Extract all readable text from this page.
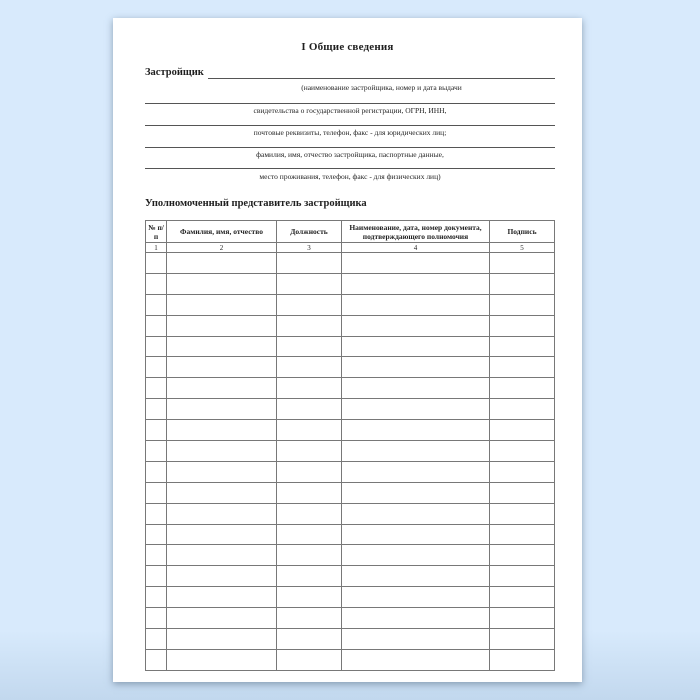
I Общие сведения
Застройщик
(наименование застройщика, номер и дата выдачи
свидетельства о государственной регистрации, ОГРН, ИНН,
почтовые реквизиты, телефон, факс - для юридических лиц;
фамилия, имя, отчество застройщика, паспортные данные,
место проживания, телефон, факс - для физических лиц)
Уполномоченный представитель застройщика
№ п/п	Фамилия, имя, отчество	Должность	Наименование, дата, номер документа, подтверждающего полномочия	Подпись
1	2	3	4	5
